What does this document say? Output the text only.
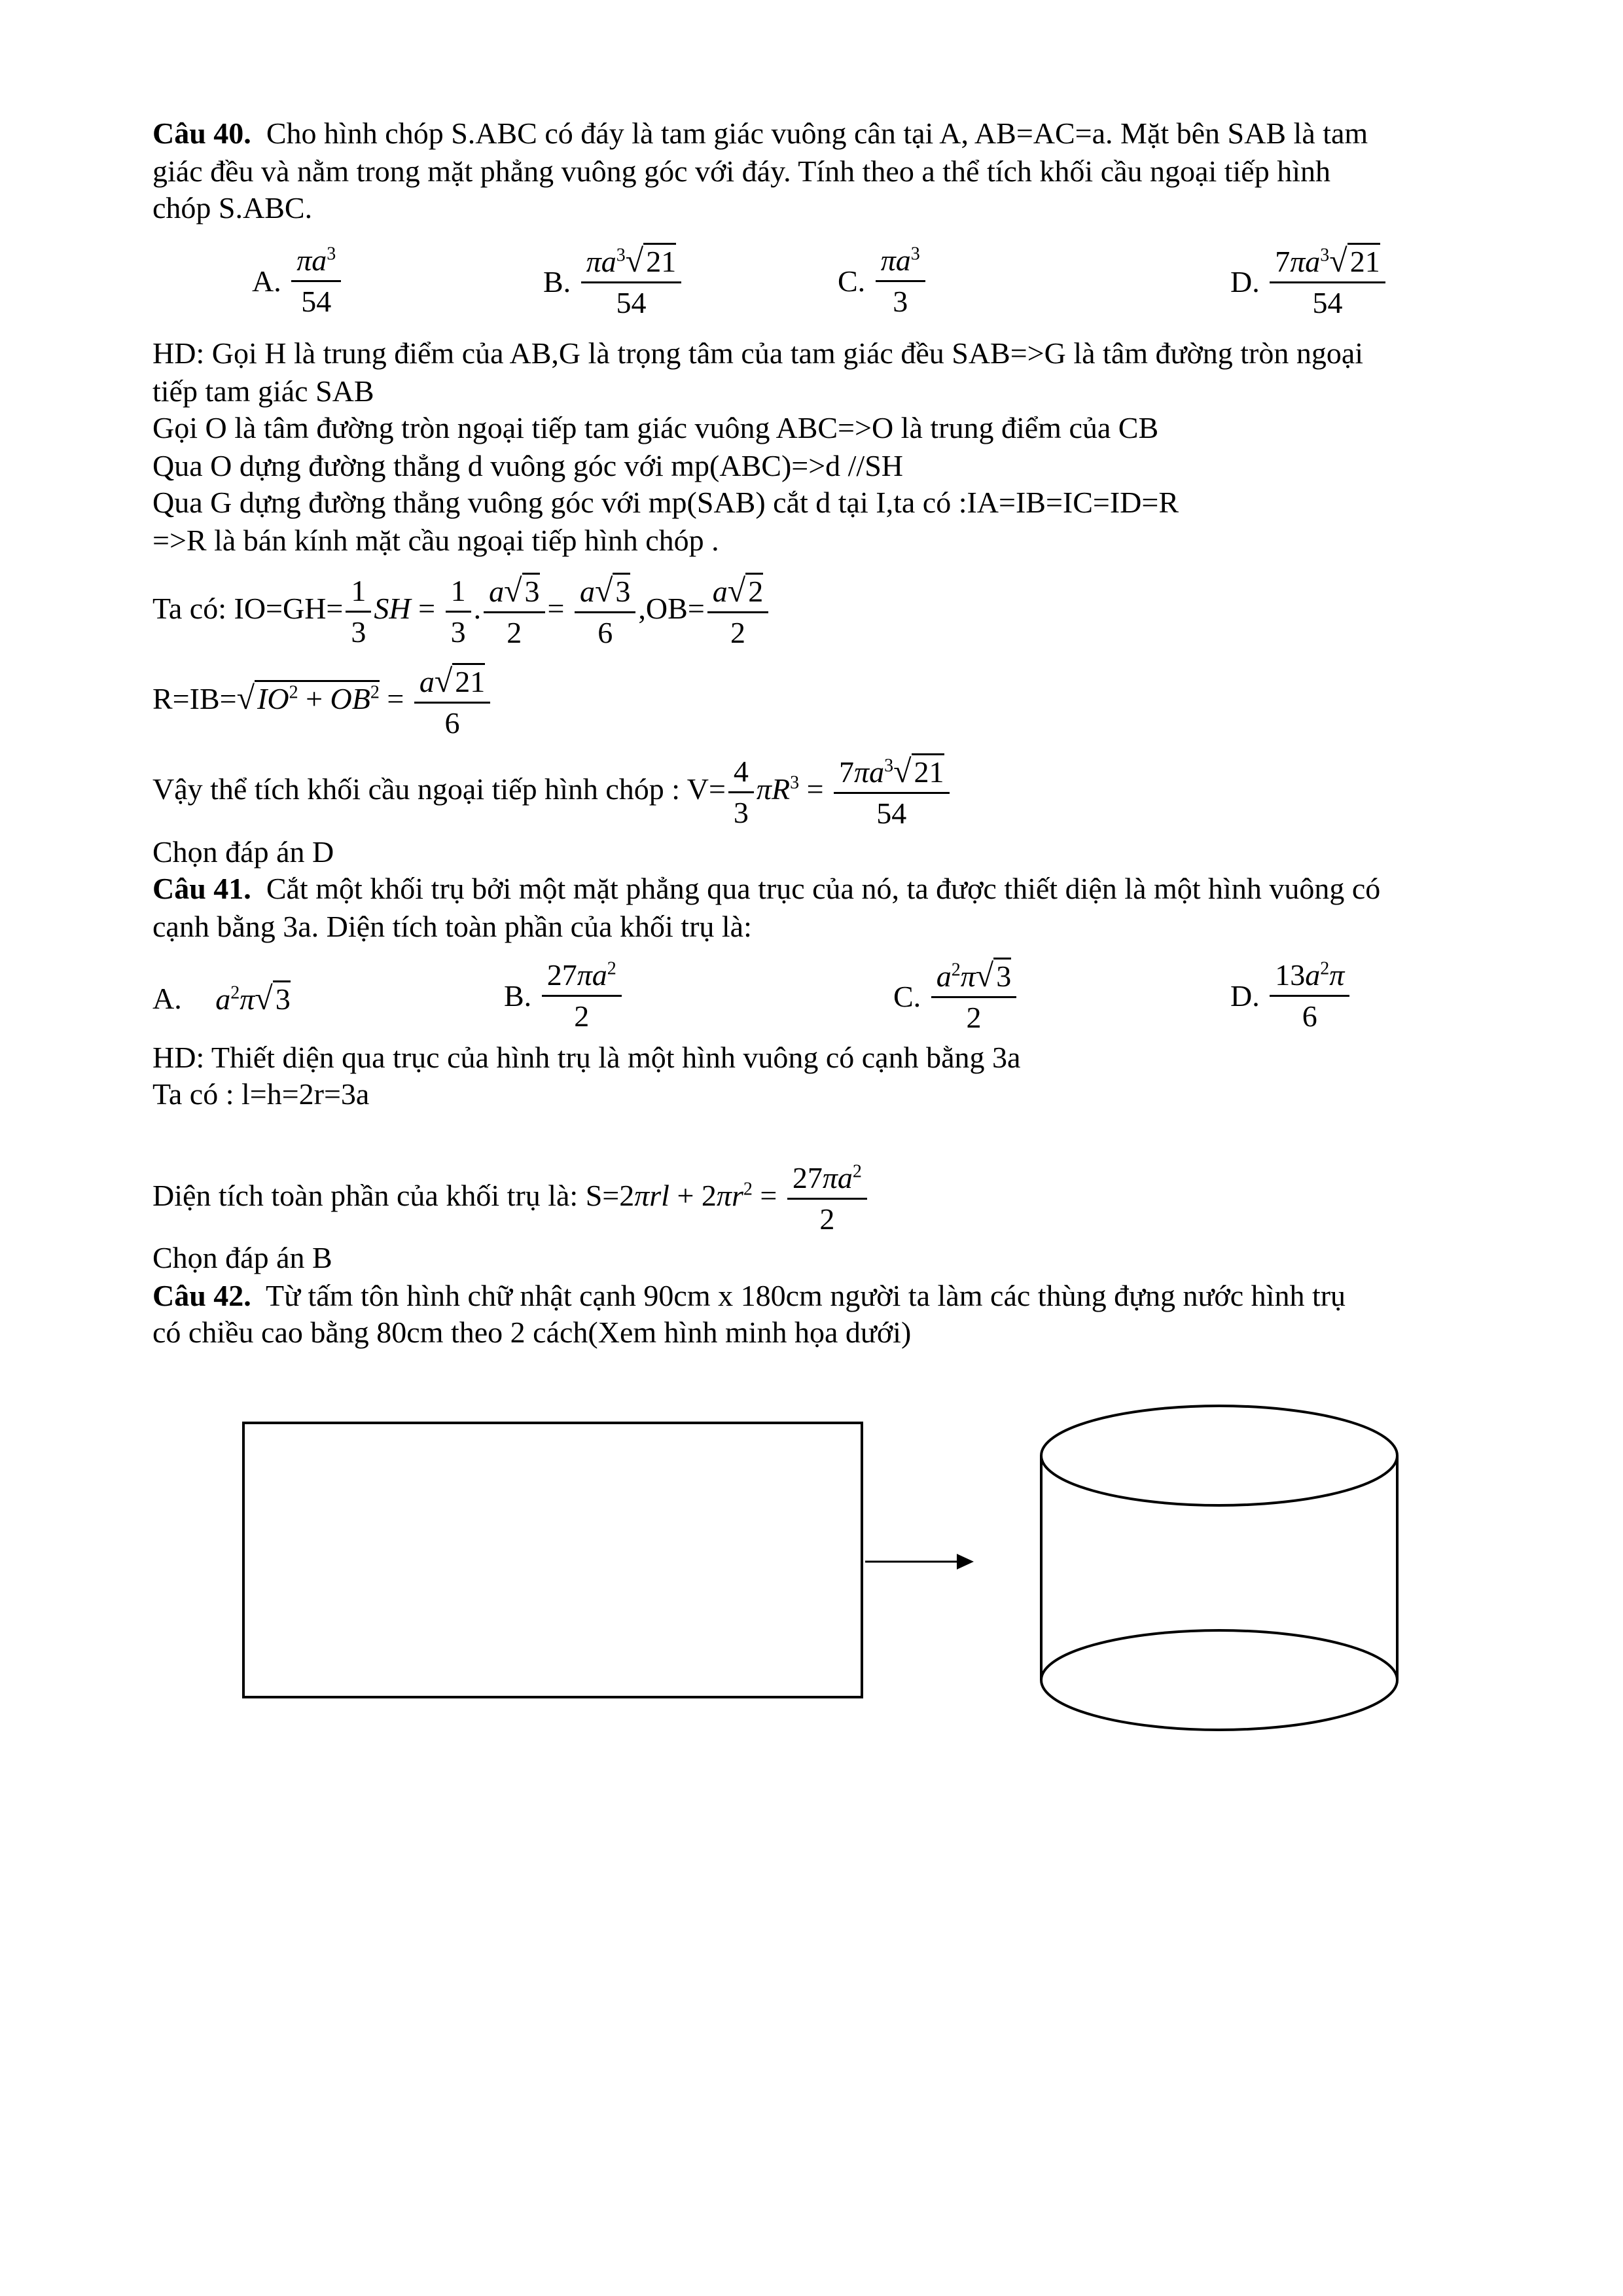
Câu 40. Cho hình chóp S.ABC có đáy là tam giác vuông cân tại A, AB=AC=a. Mặt bên SAB là tam
giác đều và nằm trong mặt phẳng vuông góc với đáy. Tính theo a thể tích khối cầu ngoại tiếp hình
chóp S.ABC.
A. $\frac{\pi a^3}{54}$	B. $\frac{\pi a^3√21}{54}$	C. $\frac{\pi a^3}{3}$	D. $\frac{7\pi a^3√21}{54}$
HD: Gọi H là trung điểm của AB,G là trọng tâm của tam giác đều SAB=>G là tâm đường tròn ngoại
tiếp tam giác SAB
Gọi O là tâm đường tròn ngoại tiếp tam giác vuông ABC=>O là trung điểm của CB
Qua O dựng đường thẳng d vuông góc với mp(ABC)=>d //SH
Qua G dựng đường thẳng vuông góc với mp(SAB) cắt d tại I,ta có :IA=IB=IC=ID=R
=>R là bán kính mặt cầu ngoại tiếp hình chóp .
Ta có: $IO=GH= \frac{1}{3}$ SH = $\frac{1}{3}$ . $\frac{a√3}{2} = \frac{a√3}{6} ,OB= \frac{a√2}{2}$
$R=IB=√IO^2 + OB^2 = \frac{a√21}{6}$
Vậy thể tích khối cầu ngoại tiếp hình chóp : $V= \frac{4}{3} \pi R^3 = \frac{7\pi a^3√21}{54}$
Chọn đáp án D
Câu 41. Cắt một khối trụ bởi một mặt phẳng qua trục của nó, ta được thiết diện là một hình vuông có
cạnh bằng 3a. Diện tích toàn phần của khối trụ là:
A. $a^2\pi√3$	B. $\frac{27\pi a^2}{2}$	C. $\frac{a^2\pi√3}{2}$	D. $\frac{13a^2\pi}{6}$
HD: Thiết diện qua trục của hình trụ là một hình vuông có cạnh bằng 3a
Ta có : l=h=2r=3a
Diện tích toàn phần của khối trụ là: $S=2\pi rl + 2\pi r^2 = \frac{27\pi a^2}{2}$
Chọn đáp án B
Câu 42. Từ tấm tôn hình chữ nhật cạnh 90cm x 180cm người ta làm các thùng đựng nước hình trụ
có chiều cao bằng 80cm theo 2 cách(Xem hình minh họa dưới)
